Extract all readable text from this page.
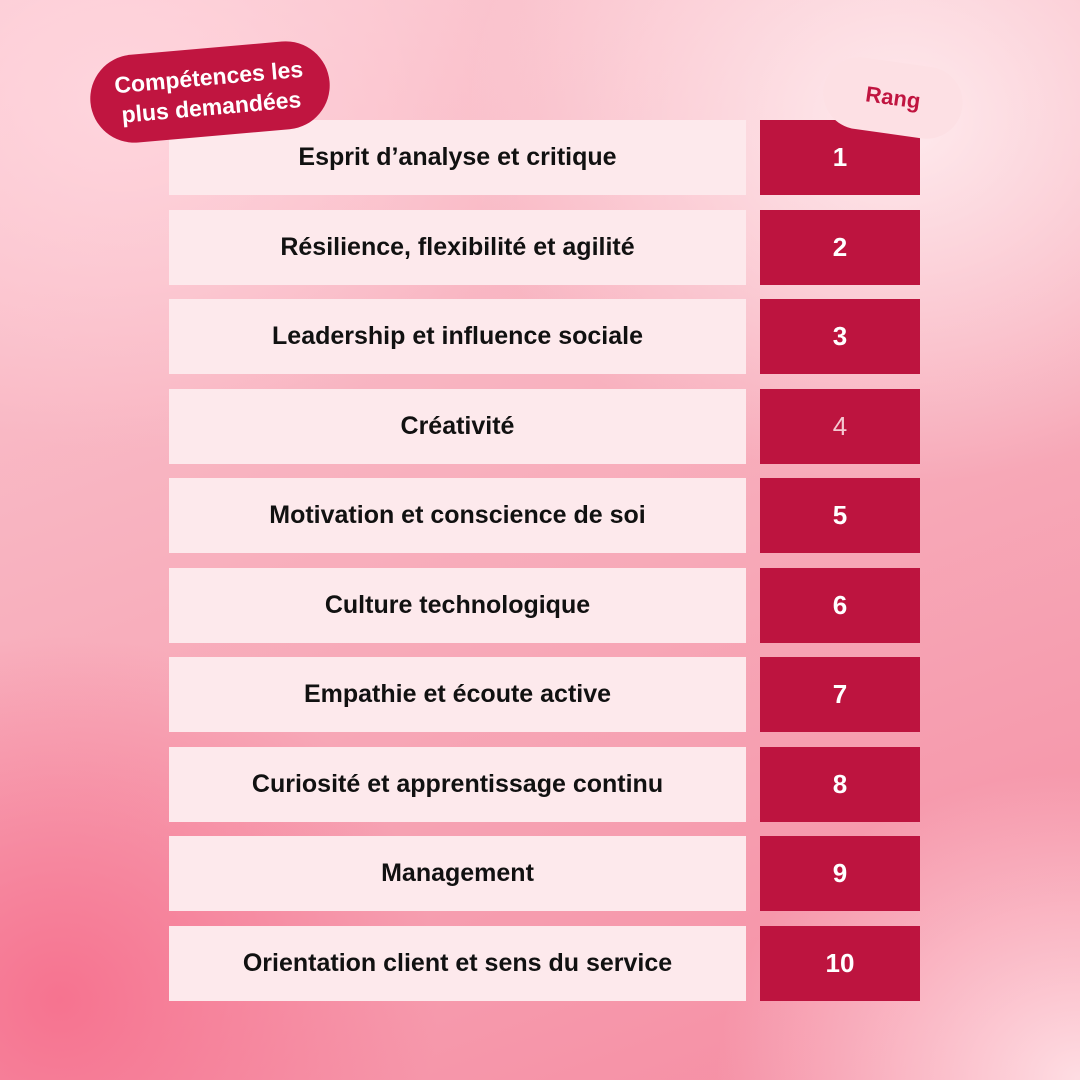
Compétences les
plus demandées	Rang
Esprit d’analyse et critique	1
Résilience, flexibilité et agilité	2
Leadership et influence sociale	3
Créativité	4
Motivation et conscience de soi	5
Culture technologique	6
Empathie et écoute active	7
Curiosité et apprentissage continu	8
Management	9
Orientation client et sens du service	10
